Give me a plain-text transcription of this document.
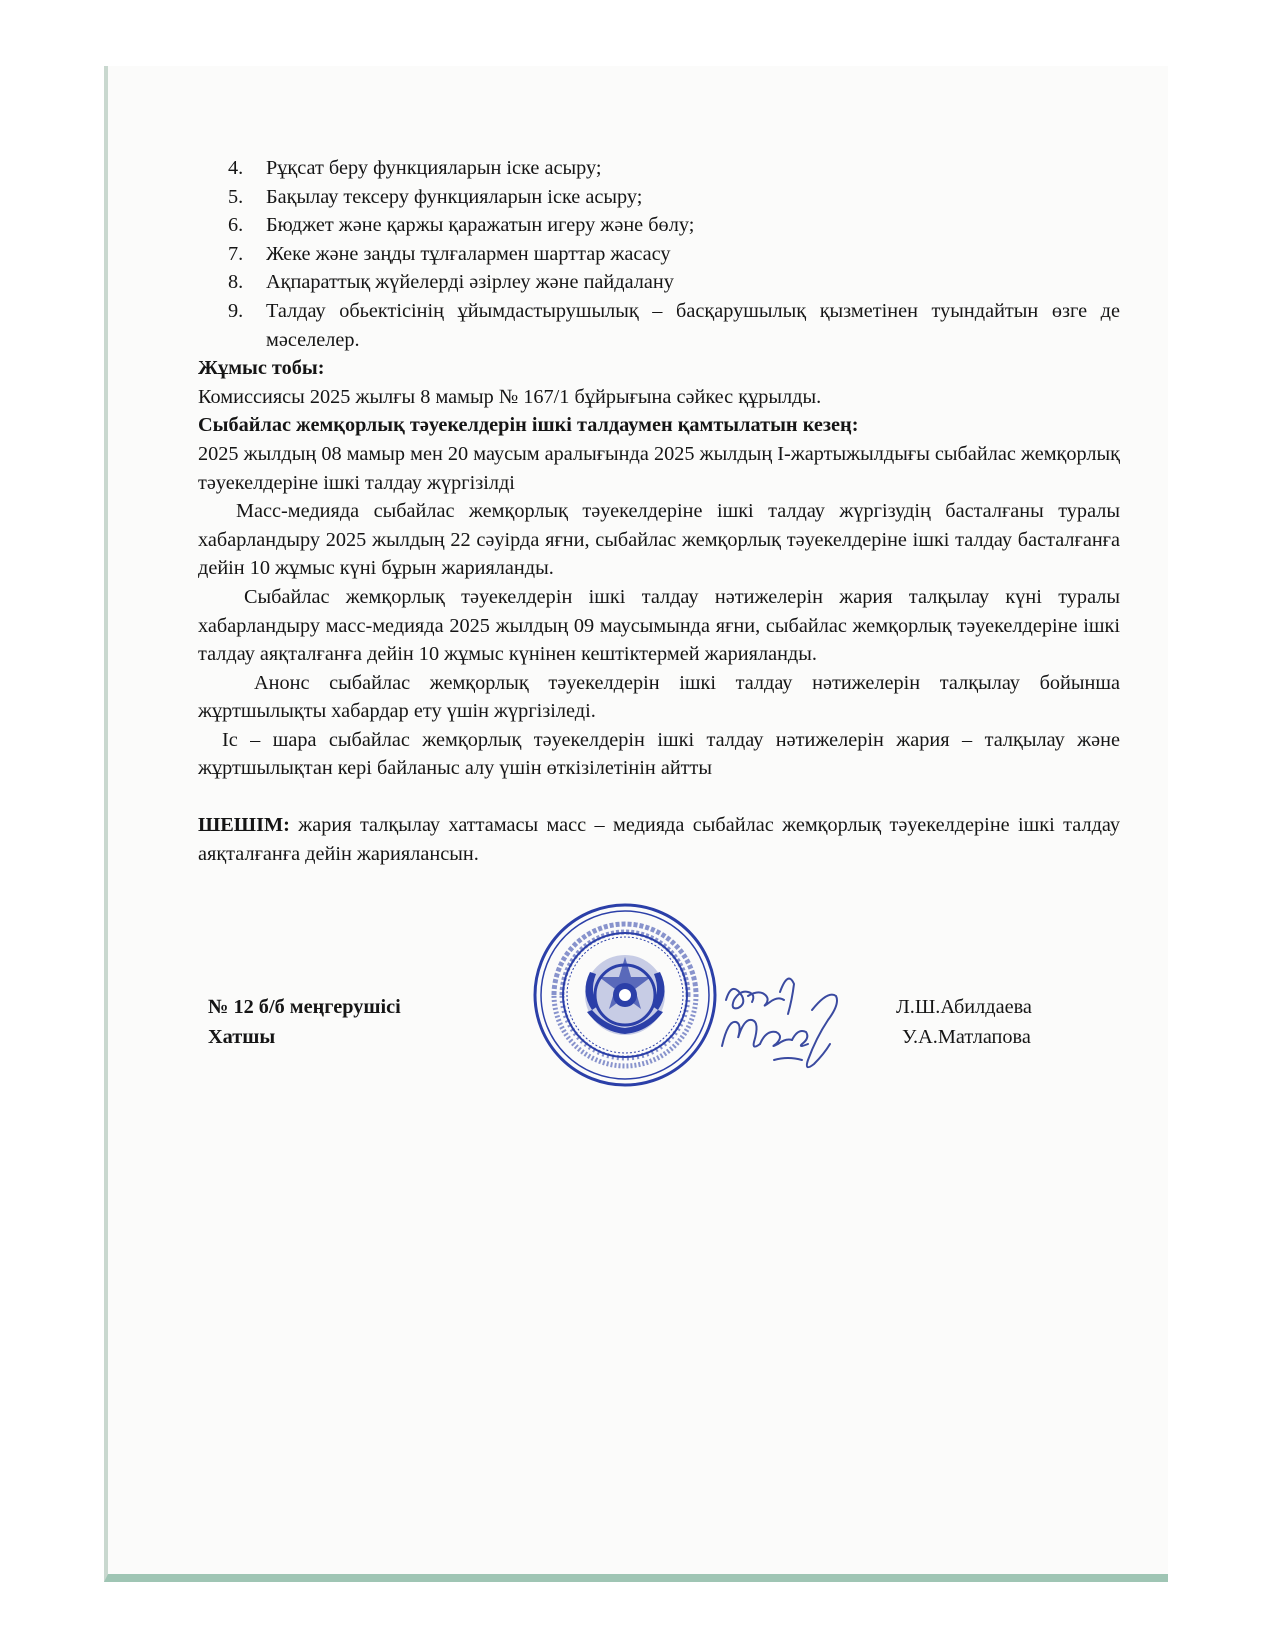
4.	Рұқсат беру функцияларын іске асыру;
5.	Бақылау тексеру функцияларын іске асыру;
6.	Бюджет және қаржы қаражатын игеру және бөлу;
7.	Жеке және заңды тұлғалармен шарттар жасасу
8.	Ақпараттық жүйелерді әзірлеу және пайдалану
9.	Талдау обьектісінің ұйымдастырушылық – басқарушылық қызметінен туындайтын өзге де мәселелер.

Жұмыс тобы:

Комиссиясы 2025 жылғы 8 мамыр № 167/1 бұйрығына сәйкес құрылды.

Сыбайлас жемқорлық тәуекелдерін ішкі талдаумен қамтылатын кезең:

2025 жылдың 08 мамыр мен 20 маусым аралығында 2025 жылдың I-жартыжылдығы сыбайлас жемқорлық тәуекелдеріне ішкі талдау жүргізілді

Масс-медияда сыбайлас жемқорлық тәуекелдеріне ішкі талдау жүргізудің басталғаны туралы хабарландыру 2025 жылдың 22 сәуірда яғни, сыбайлас жемқорлық тәуекелдеріне ішкі талдау басталғанға дейін 10 жұмыс күні бұрын жарияланды.

Сыбайлас жемқорлық тәуекелдерін ішкі талдау нәтижелерін жария талқылау күні туралы хабарландыру масс-медияда 2025 жылдың 09 маусымында яғни, сыбайлас жемқорлық тәуекелдеріне ішкі талдау аяқталғанға дейін 10 жұмыс күнінен кештіктермей жарияланды.

Анонс сыбайлас жемқорлық тәуекелдерін ішкі талдау нәтижелерін талқылау бойынша жұртшылықты хабардар ету үшін жүргізіледі.

Іс – шара сыбайлас жемқорлық тәуекелдерін ішкі талдау нәтижелерін жария – талқылау және жұртшылықтан кері байланыс алу үшін өткізілетінін айтты

ШЕШІМ: жария талқылау хаттамасы масс – медияда сыбайлас жемқорлық тәуекелдеріне ішкі талдау аяқталғанға дейін жариялансын.

№ 12 б/б меңгерушісі
Хатшы
Л.Ш.Абилдаева
У.А.Матлапова
